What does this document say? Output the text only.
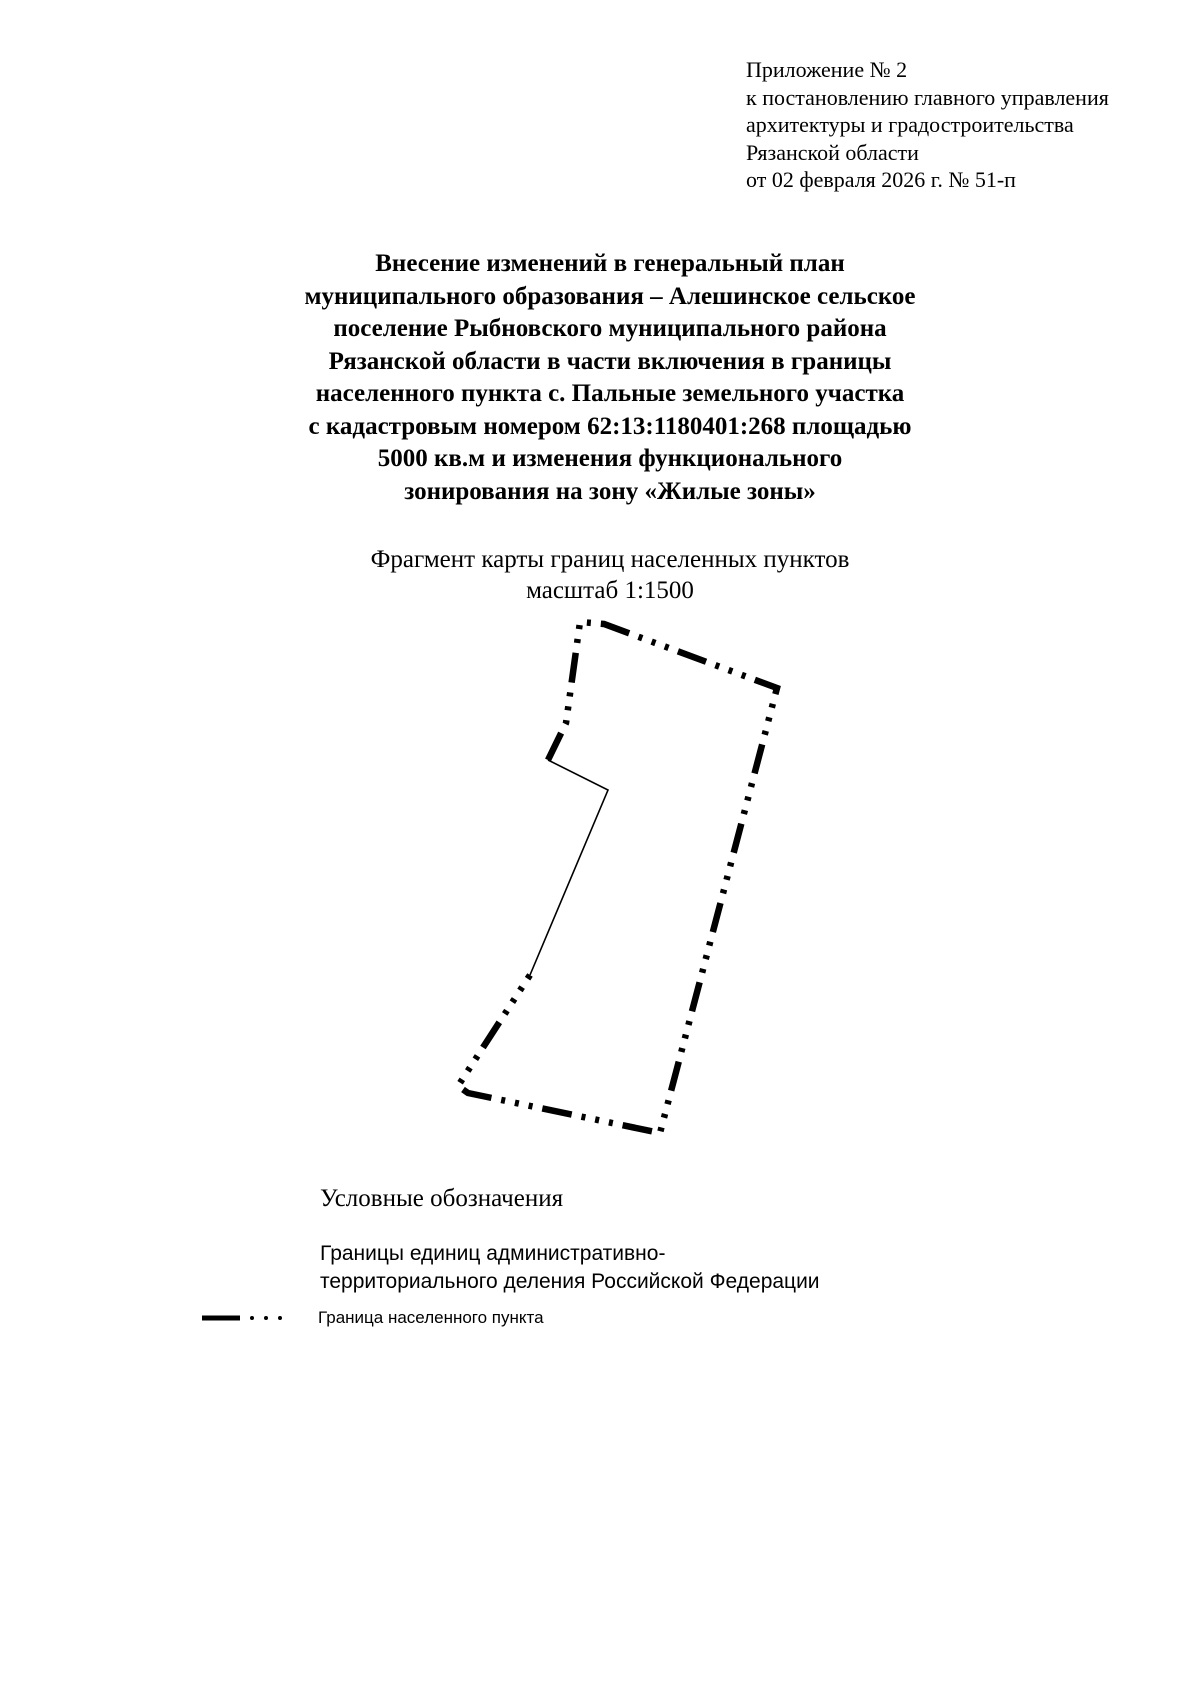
Приложение № 2
к постановлению главного управления
архитектуры и градостроительства
Рязанской области
от 02 февраля 2026 г. № 51-п
Внесение изменений в генеральный план
муниципального образования – Алешинское сельское
поселение Рыбновского муниципального района
Рязанской области в части включения в границы
населенного пункта с. Пальные земельного участка
с кадастровым номером 62:13:1180401:268 площадью
5000 кв.м и изменения функционального
зонирования на зону «Жилые зоны»
Фрагмент карты границ населенных пунктов
масштаб 1:1500
Условные обозначения
Границы единиц административно-
территориального деления Российской Федерации
Граница населенного пункта
